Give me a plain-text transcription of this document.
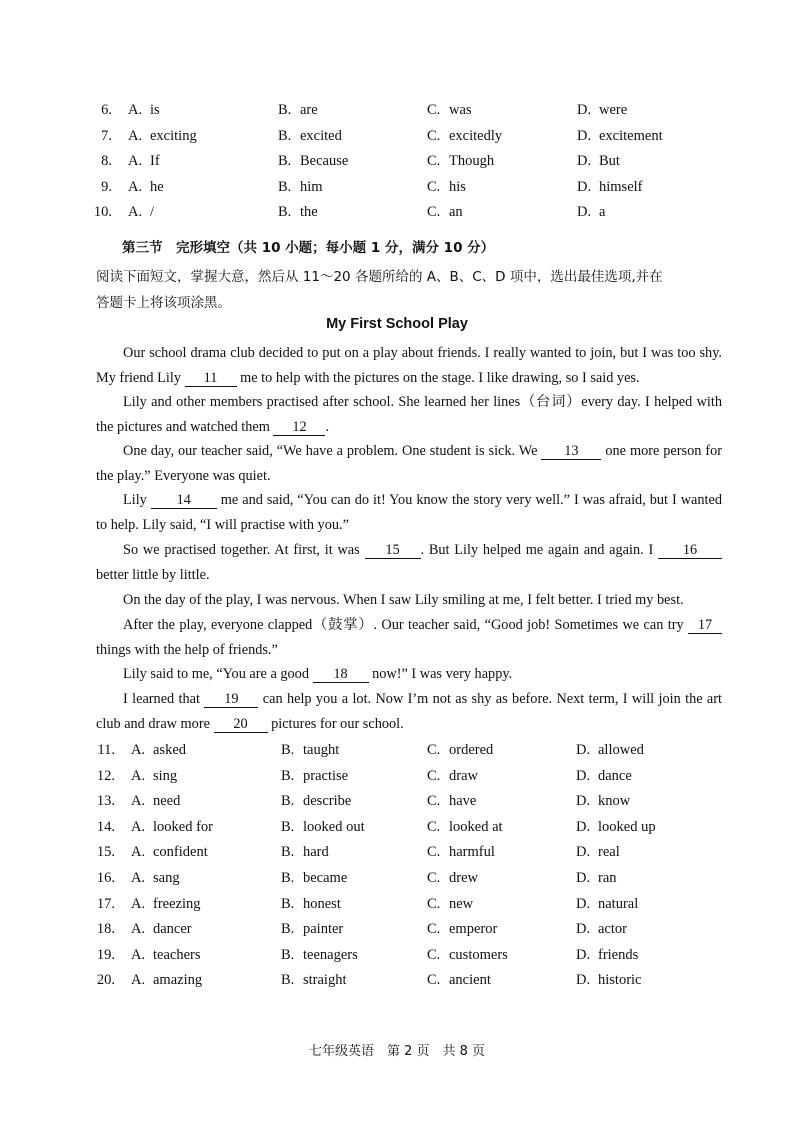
6. A. is	B. are	C. was	D. were
7. A. exciting	B. excited	C. excitedly	D. excitement
8. A. If	B. Because	C. Though	D. But
9. A. he	B. him	C. his	D. himself
10. A. /	B. the	C. an	D. a
第三节　完形填空（共 10 小题；每小题 1 分，满分 10 分）
阅读下面短文，掌握大意，然后从 11～20 各题所给的 A、B、C、D 项中，选出最佳选项,并在
答题卡上将该项涂黑。
My First School Play
Our school drama club decided to put on a play about friends. I really wanted to join, but I was too shy. My friend Lily 11 me to help with the pictures on the stage. I like drawing, so I said yes.
Lily and other members practised after school. She learned her lines（台词）every day. I helped with the pictures and watched them 12 .
One day, our teacher said, “We have a problem. One student is sick. We 13 one more person for the play.” Everyone was quiet.
Lily 14 me and said, “You can do it! You know the story very well.” I was afraid, but I wanted to help. Lily said, “I will practise with you.”
So we practised together. At first, it was 15 . But Lily helped me again and again. I 16 better little by little.
On the day of the play, I was nervous. When I saw Lily smiling at me, I felt better. I tried my best.
After the play, everyone clapped（鼓掌）. Our teacher said, “Good job! Sometimes we can try 17 things with the help of friends.”
Lily said to me, “You are a good 18 now!” I was very happy.
I learned that 19 can help you a lot. Now I’m not as shy as before. Next term, I will join the art club and draw more 20 pictures for our school.
11. A. asked	B. taught	C. ordered	D. allowed
12. A. sing	B. practise	C. draw	D. dance
13. A. need	B. describe	C. have	D. know
14. A. looked for	B. looked out	C. looked at	D. looked up
15. A. confident	B. hard	C. harmful	D. real
16. A. sang	B. became	C. drew	D. ran
17. A. freezing	B. honest	C. new	D. natural
18. A. dancer	B. painter	C. emperor	D. actor
19. A. teachers	B. teenagers	C. customers	D. friends
20. A. amazing	B. straight	C. ancient	D. historic
七年级英语　第 2 页　共 8 页
